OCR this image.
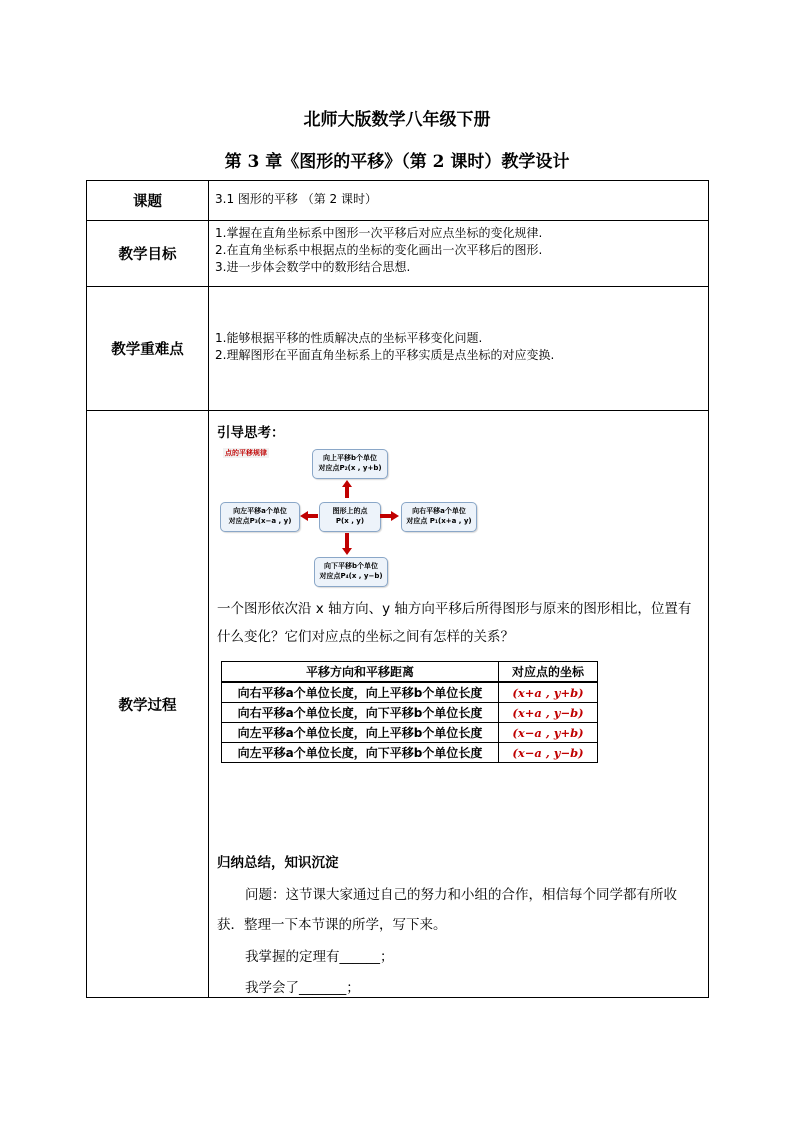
北师大版数学八年级下册
第 3 章《图形的平移》（第 2 课时）教学设计
课题	3.1 图形的平移 （第 2 课时）

教学目标	
1.掌握在直角坐标系中图形一次平移后对应点坐标的变化规律.
2.在直角坐标系中根据点的坐标的变化画出一次平移后的图形.
3.进一步体会数学中的数形结合思想.

教学重难点	
1.能够根据平移的性质解决点的坐标平移变化问题.
2.理解图形在平面直角坐标系上的平移实质是点坐标的对应变换.

教学过程	
引导思考：
点的平移规律
向上平移b个单位
对应点P₂(x , y+b)
向左平移a个单位
对应点P₃(x−a , y)
图形上的点
P(x , y)
向右平移a个单位
对应点 P₁(x+a , y)
向下平移b个单位
对应点P₄(x , y−b)
一个图形依次沿 x 轴方向、y 轴方向平移后所得图形与原来的图形相比，位置有
什么变化？它们对应点的坐标之间有怎样的关系？
平移方向和平移距离	对应点的坐标
向右平移a个单位长度，向上平移b个单位长度	(x+a , y+b)
向右平移a个单位长度，向下平移b个单位长度	(x+a , y−b)
向左平移a个单位长度，向上平移b个单位长度	(x−a , y+b)
向左平移a个单位长度，向下平移b个单位长度	(x−a , y−b)
归纳总结，知识沉淀
问题：这节课大家通过自己的努力和小组的合作，相信每个同学都有所收
获．整理一下本节课的所学，写下来。
我掌握的定理有______；
我学会了_______；
